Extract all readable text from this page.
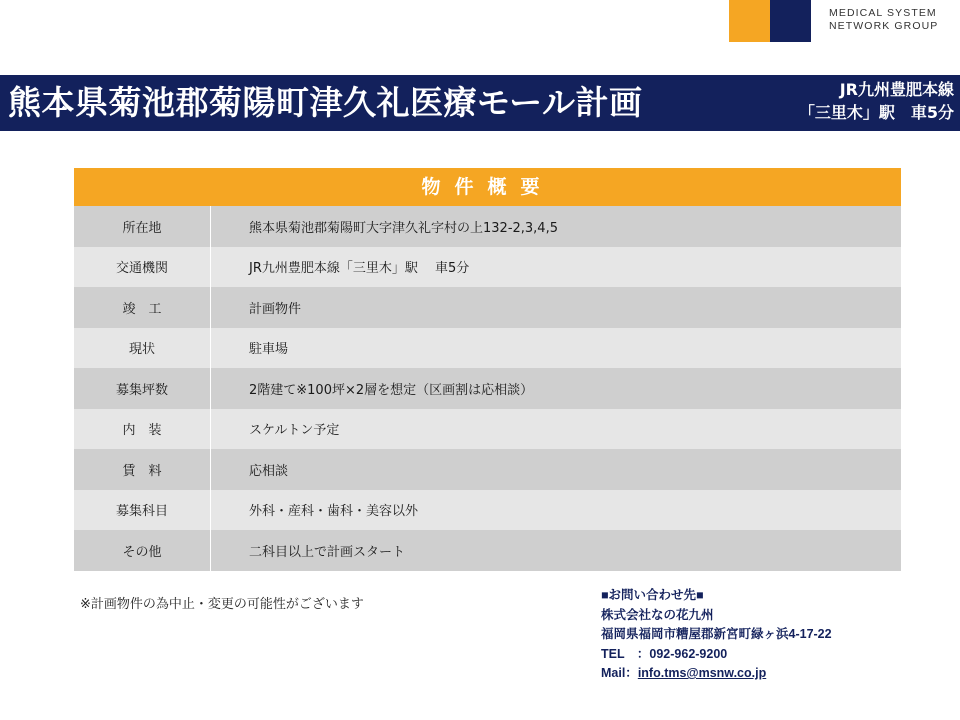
MEDICAL SYSTEM
NETWORK GROUP
熊本県菊池郡菊陽町津久礼医療モール計画	JR九州豊肥本線
「三里木」駅　車5分
物件概要
所在地	熊本県菊池郡菊陽町大字津久礼字村の上132-2,3,4,5
交通機関	JR九州豊肥本線「三里木」駅　 車5分
竣　工	計画物件
現状	駐車場
募集坪数	2階建て※100坪×2層を想定（区画割は応相談）
内　装	スケルトン予定
賃　料	応相談
募集科目	外科・産科・歯科・美容以外
その他	二科目以上で計画スタート
※計画物件の為中止・変更の可能性がございます
■お問い合わせ先■
株式会社なの花九州
福岡県福岡市糟屋郡新宮町緑ヶ浜4-17-22
TEL　：092-962-9200
Mail：info.tms@msnw.co.jp
